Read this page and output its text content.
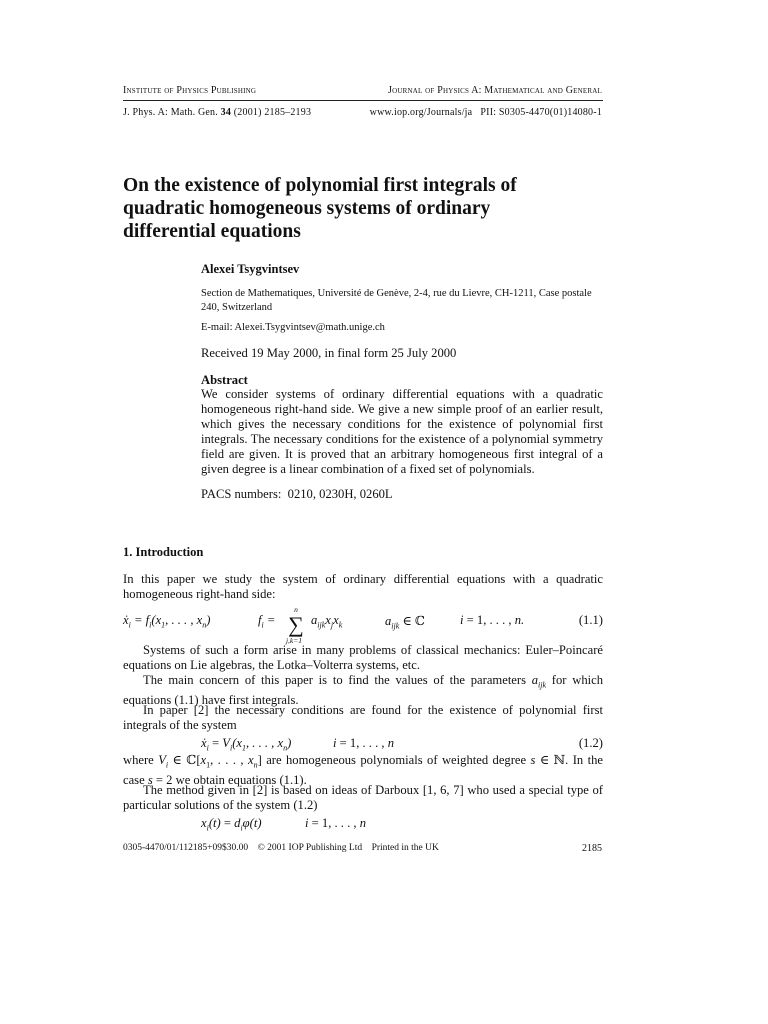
Institute of Physics Publishing	Journal of Physics A: Mathematical and General
J. Phys. A: Math. Gen. 34 (2001) 2185–2193	www.iop.org/Journals/ja   PII: S0305-4470(01)14080-1
On the existence of polynomial first integrals of
quadratic homogeneous systems of ordinary
differential equations
Alexei Tsygvintsev
Section de Mathematiques, Université de Genève, 2-4, rue du Lievre, CH-1211, Case postale 240, Switzerland
E-mail: Alexei.Tsygvintsev@math.unige.ch
Received 19 May 2000, in final form 25 July 2000
Abstract
We consider systems of ordinary differential equations with a quadratic homogeneous right-hand side. We give a new simple proof of an earlier result, which gives the necessary conditions for the existence of polynomial first integrals. The necessary conditions for the existence of a polynomial symmetry field are given. It is proved that an arbitrary homogeneous first integral of a given degree is a linear combination of a fixed set of polynomials.
PACS numbers:  0210, 0230H, 0260L
1. Introduction
In this paper we study the system of ordinary differential equations with a quadratic homogeneous right-hand side:
$ẋ_i = f_i(x_1$, . . . , $x_n$)	$f_i$ =
n
∑
j,k=1
$a_{ijk}x_jx_k$	$a_{ijk}$ ∈ ℂ	i = 1, . . . , n.	(1.1)
Systems of such a form arise in many problems of classical mechanics: Euler–Poincaré equations on Lie algebras, the Lotka–Volterra systems, etc.
The main concern of this paper is to find the values of the parameters $a_{ijk}$ for which equations (1.1) have first integrals.
In paper [2] the necessary conditions are found for the existence of polynomial first integrals of the system
$ẋ_i = V_i(x_1$, . . . , $x_n$)	i = 1, . . . , n	(1.2)
where $V_i$ ∈ $ℂ[x_1$, . . . , $x_n$] are homogeneous polynomials of weighted degree s ∈ ℕ. In the case s = 2 we obtain equations (1.1).
The method given in [2] is based on ideas of Darboux [1, 6, 7] who used a special type of particular solutions of the system (1.2)
$x_i(t) = d_i\varphi(t)$	i = 1, . . . , n
0305-4470/01/112185+09$30.00    © 2001 IOP Publishing Ltd    Printed in the UK	2185
